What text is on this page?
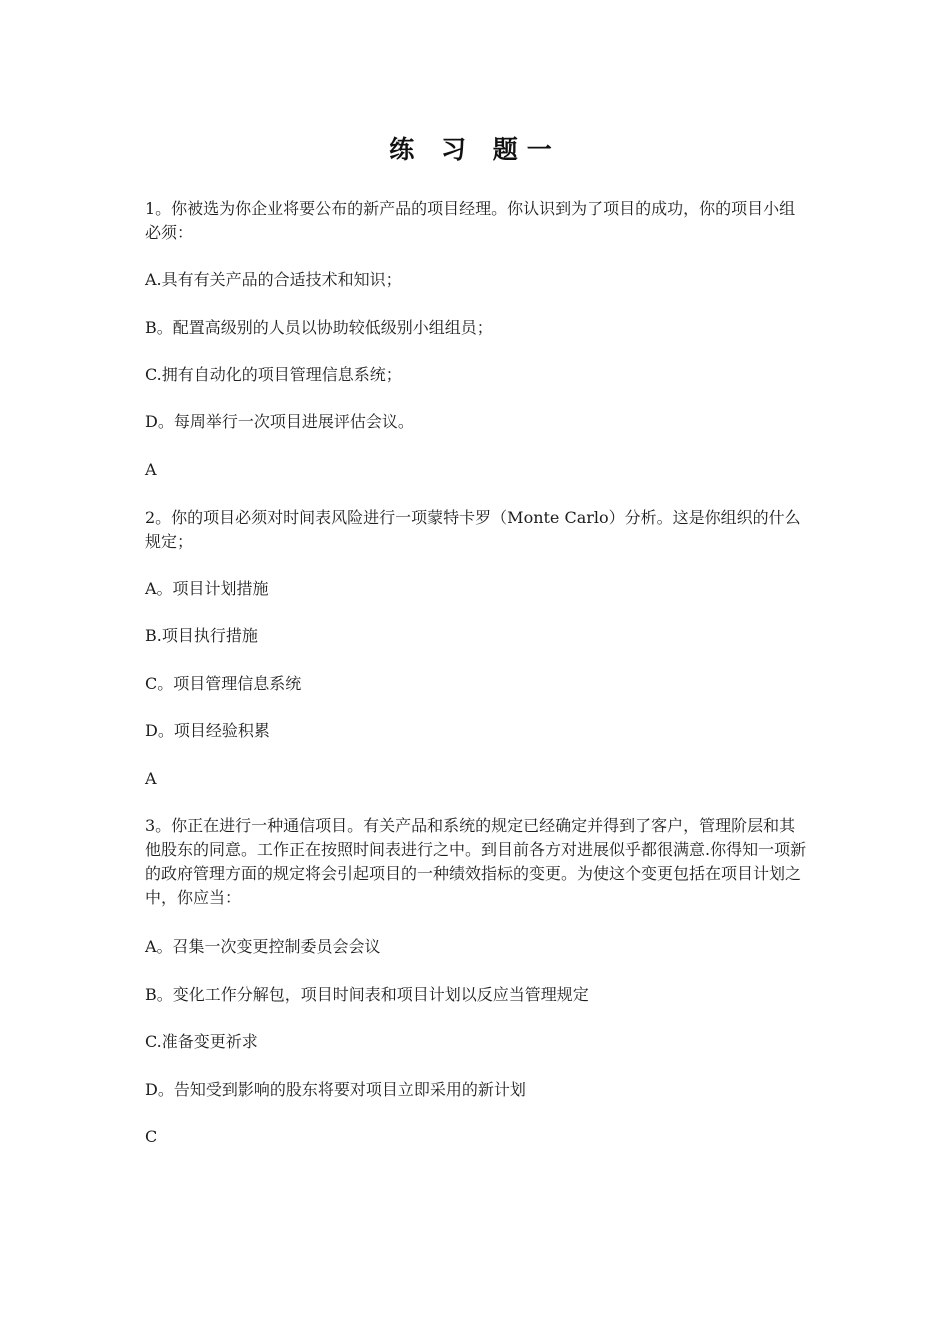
练 习 题一
1。你被选为你企业将要公布的新产品的项目经理。你认识到为了项目的成功，你的项目小组必须：
A.具有有关产品的合适技术和知识；
B。配置高级别的人员以协助较低级别小组组员；
C.拥有自动化的项目管理信息系统；
D。每周举行一次项目进展评估会议。
A
2。你的项目必须对时间表风险进行一项蒙特卡罗（Monte Carlo）分析。这是你组织的什么规定；
A。项目计划措施
B.项目执行措施
C。项目管理信息系统
D。项目经验积累
A
3。你正在进行一种通信项目。有关产品和系统的规定已经确定并得到了客户，管理阶层和其他股东的同意。工作正在按照时间表进行之中。到目前各方对进展似乎都很满意.你得知一项新的政府管理方面的规定将会引起项目的一种绩效指标的变更。为使这个变更包括在项目计划之中，你应当：
A。召集一次变更控制委员会会议
B。变化工作分解包，项目时间表和项目计划以反应当管理规定
C.准备变更祈求
D。告知受到影响的股东将要对项目立即采用的新计划
C
